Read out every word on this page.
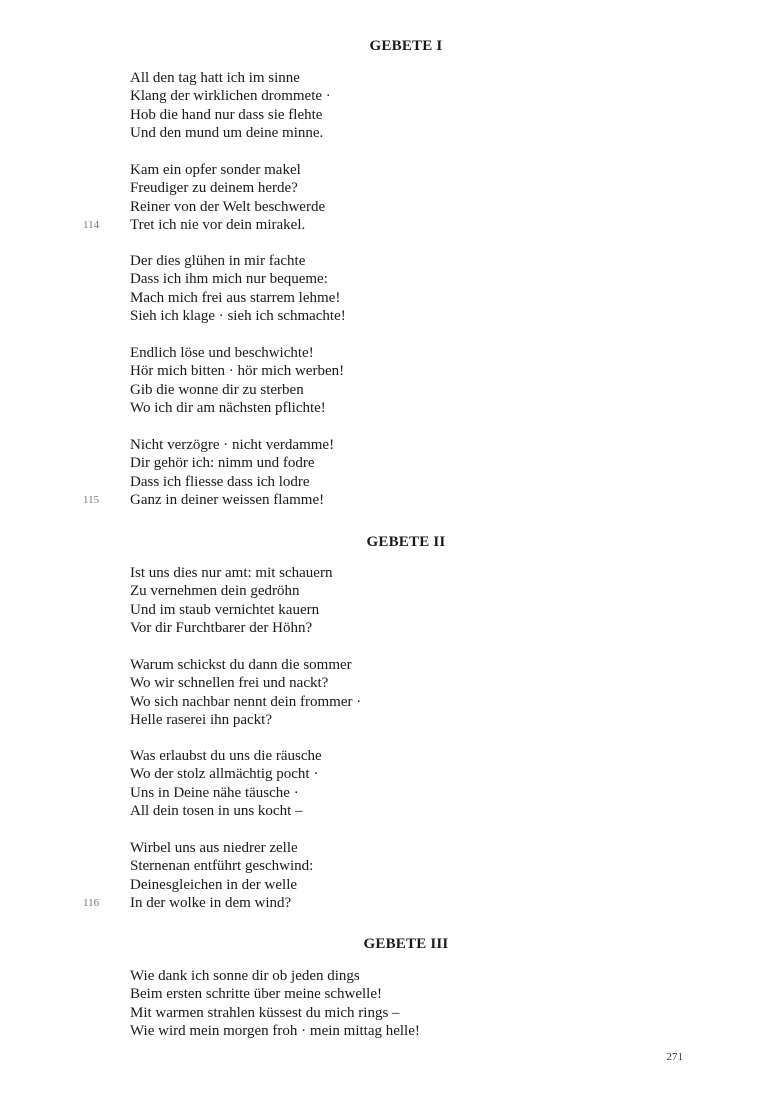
GEBETE I
All den tag hatt ich im sinne
Klang der wirklichen drommete ·
Hob die hand nur dass sie flehte
Und den mund um deine minne.
Kam ein opfer sonder makel
Freudiger zu deinem herde?
Reiner von der Welt beschwerde
Tret ich nie vor dein mirakel.
114
Der dies glühen in mir fachte
Dass ich ihm mich nur bequeme:
Mach mich frei aus starrem lehme!
Sieh ich klage · sieh ich schmachte!
Endlich löse und beschwichte!
Hör mich bitten · hör mich werben!
Gib die wonne dir zu sterben
Wo ich dir am nächsten pflichte!
Nicht verzögre · nicht verdamme!
Dir gehör ich: nimm und fodre
Dass ich fliesse dass ich lodre
Ganz in deiner weissen flamme!
115
GEBETE II
Ist uns dies nur amt: mit schauern
Zu vernehmen dein gedröhn
Und im staub vernichtet kauern
Vor dir Furchtbarer der Höhn?
Warum schickst du dann die sommer
Wo wir schnellen frei und nackt?
Wo sich nachbar nennt dein frommer ·
Helle raserei ihn packt?
Was erlaubst du uns die räusche
Wo der stolz allmächtig pocht ·
Uns in Deine nähe täusche ·
All dein tosen in uns kocht –
Wirbel uns aus niedrer zelle
Sternenan entführt geschwind:
Deinesgleichen in der welle
In der wolke in dem wind?
116
GEBETE III
Wie dank ich sonne dir ob jeden dings
Beim ersten schritte über meine schwelle!
Mit warmen strahlen küssest du mich rings –
Wie wird mein morgen froh · mein mittag helle!
271
